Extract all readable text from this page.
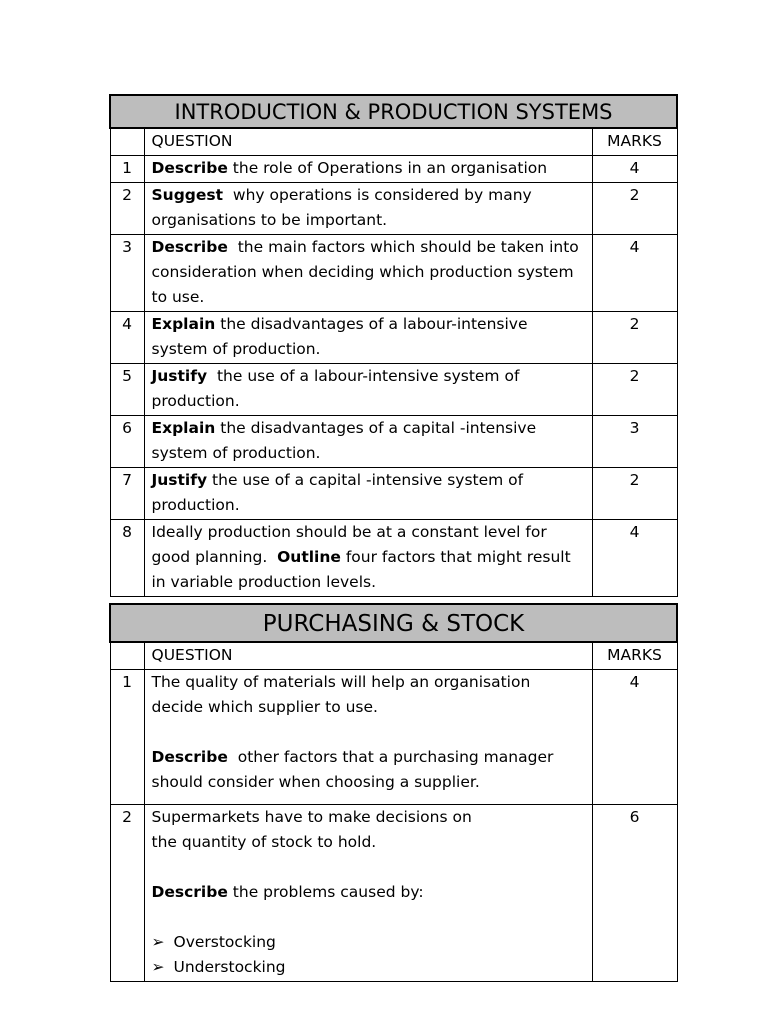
INTRODUCTION & PRODUCTION SYSTEMS		
	QUESTION	MARKS
1	Describe the role of Operations in an organisation	4
2	Suggest  why operations is considered by many organisations to be important.	2
3	Describe  the main factors which should be taken into consideration when deciding which production system to use.	4
4	Explain the disadvantages of a labour-intensive system of production.	2
5	Justify  the use of a labour-intensive system of production.	2
6	Explain the disadvantages of a capital -intensive system of production.	3
7	Justify the use of a capital -intensive system of production.	2
8	Ideally production should be at a constant level for good planning.  Outline four factors that might result in variable production levels.	4
PURCHASING & STOCK		
	QUESTION	MARKS
1	The quality of materials will help an organisation decide which supplier to use.
Describe  other factors that a purchasing manager should consider when choosing a supplier.	4
2	Supermarkets have to make decisions on
the quantity of stock to hold.
Describe the problems caused by:
➢ Overstocking
➢ Understocking	6
